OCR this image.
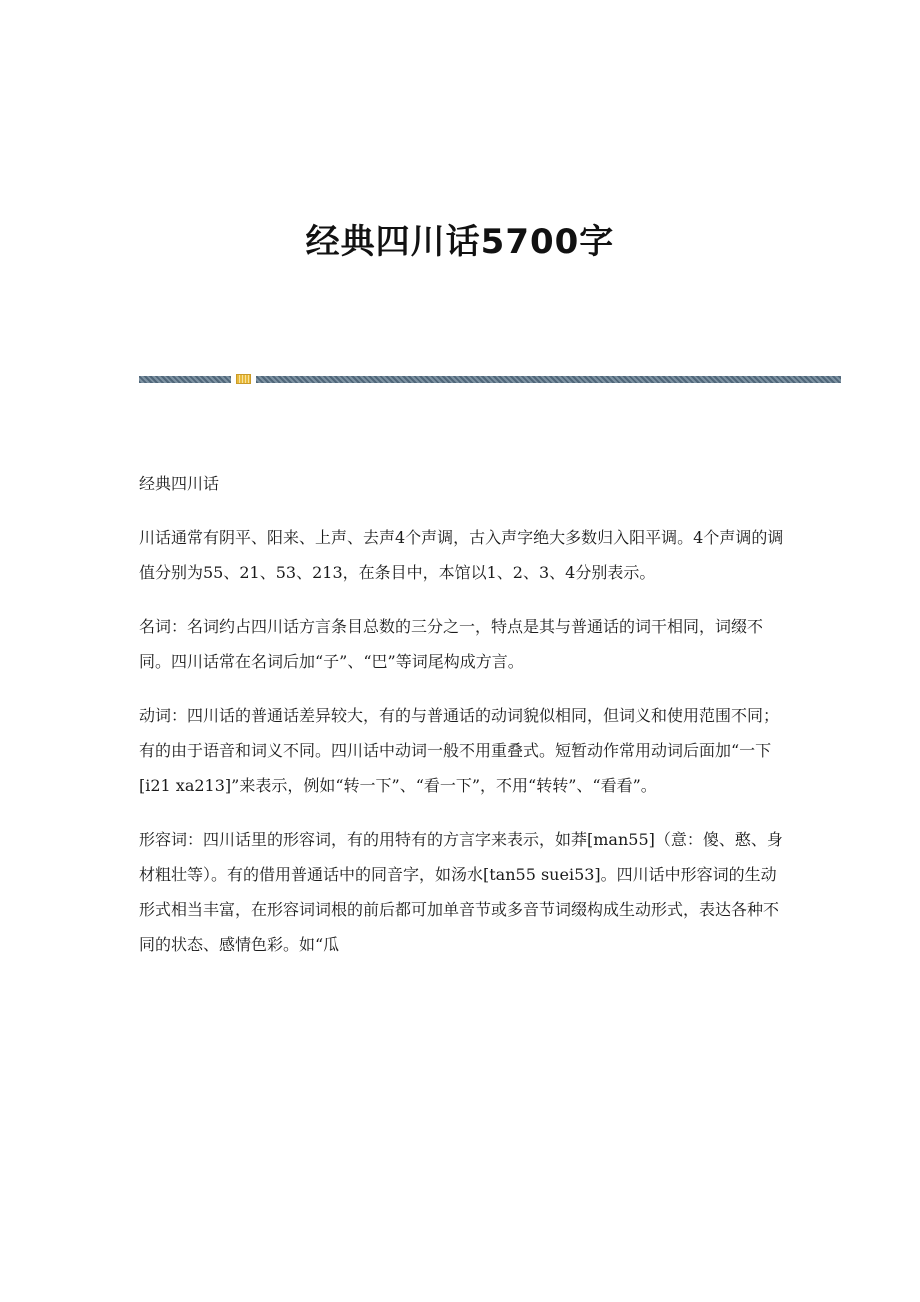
经典四川话5700字

经典四川话

川话通常有阴平、阳来、上声、去声4个声调，古入声字绝大多数归入阳平调。4个声调的调值分别为55、21、53、213，在条目中，本馆以1、2、3、4分别表示。

名词：名词约占四川话方言条目总数的三分之一，特点是其与普通话的词干相同，词缀不同。四川话常在名词后加“子”、“巴”等词尾构成方言。

动词：四川话的普通话差异较大，有的与普通话的动词貌似相同，但词义和使用范围不同；有的由于语音和词义不同。四川话中动词一般不用重叠式。短暂动作常用动词后面加“一下[i21 xa213]”来表示，例如“转一下”、“看一下”，不用“转转”、“看看”。

形容词：四川话里的形容词，有的用特有的方言字来表示，如莽[man55]（意：傻、憨、身材粗壮等）。有的借用普通话中的同音字，如汤水[tan55 suei53]。四川话中形容词的生动形式相当丰富，在形容词词根的前后都可加单音节或多音节词缀构成生动形式，表达各种不同的状态、感情色彩。如“瓜
